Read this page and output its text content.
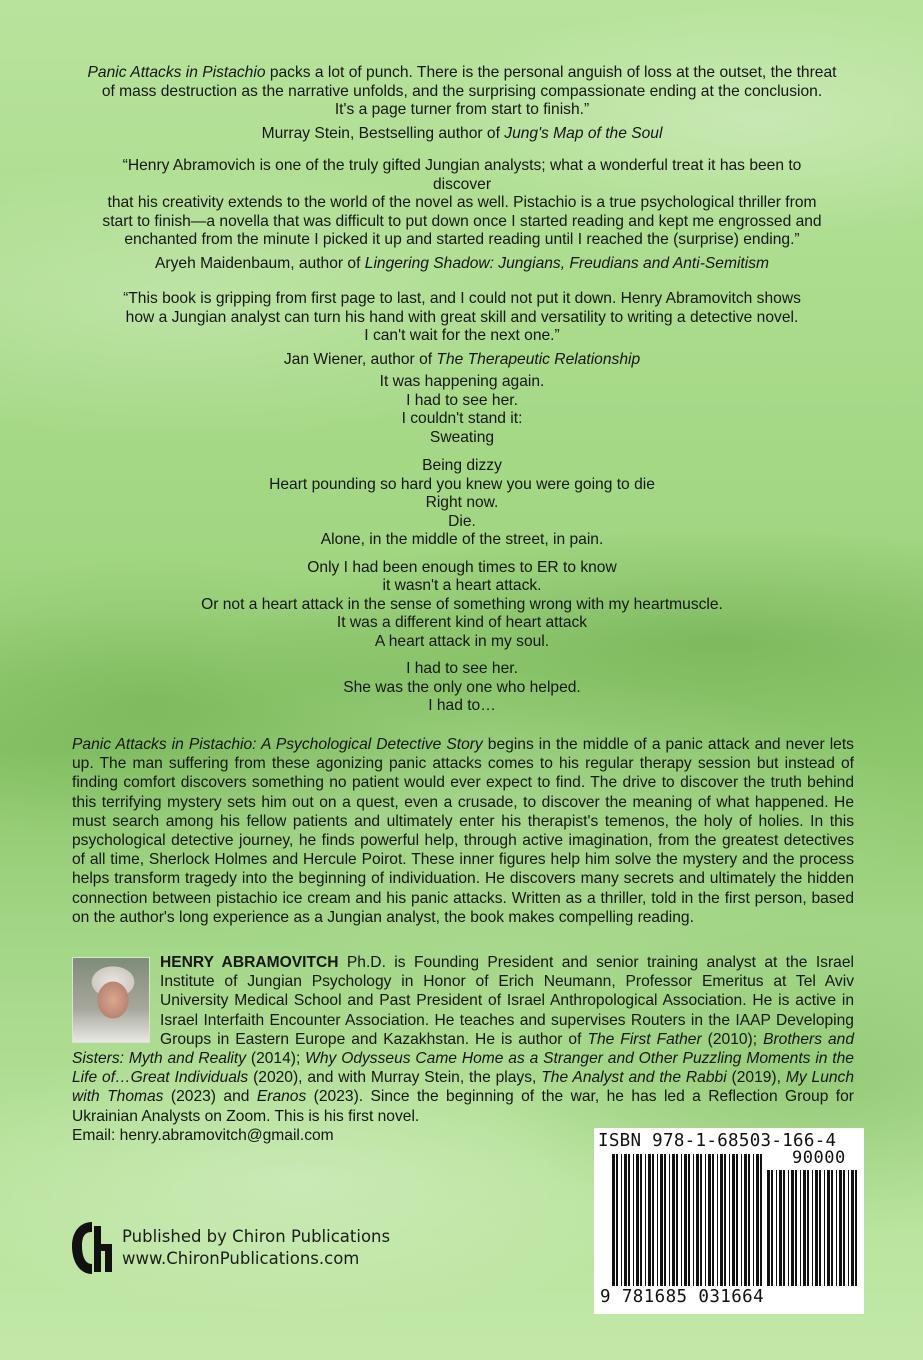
Panic Attacks in Pistachio packs a lot of punch. There is the personal anguish of loss at the outset, the threat
of mass destruction as the narrative unfolds, and the surprising compassionate ending at the conclusion.
It's a page turner from start to finish.”
Murray Stein, Bestselling author of Jung's Map of the Soul
“Henry Abramovich is one of the truly gifted Jungian analysts; what a wonderful treat it has been to
discover
that his creativity extends to the world of the novel as well. Pistachio is a true psychological thriller from
start to finish—a novella that was difficult to put down once I started reading and kept me engrossed and
enchanted from the minute I picked it up and started reading until I reached the (surprise) ending.”
Aryeh Maidenbaum, author of Lingering Shadow: Jungians, Freudians and Anti-Semitism
“This book is gripping from first page to last, and I could not put it down. Henry Abramovitch shows
how a Jungian analyst can turn his hand with great skill and versatility to writing a detective novel.
I can't wait for the next one.”
Jan Wiener, author of The Therapeutic Relationship
It was happening again.
I had to see her.
I couldn't stand it:
Sweating
Being dizzy
Heart pounding so hard you knew you were going to die
Right now.
Die.
Alone, in the middle of the street, in pain.
Only I had been enough times to ER to know
it wasn't a heart attack.
Or not a heart attack in the sense of something wrong with my heartmuscle.
It was a different kind of heart attack
A heart attack in my soul.
I had to see her.
She was the only one who helped.
I had to…
Panic Attacks in Pistachio: A Psychological Detective Story begins in the middle of a panic attack and never lets up. The man suffering from these agonizing panic attacks comes to his regular therapy session but instead of finding comfort discovers something no patient would ever expect to find. The drive to discover the truth behind this terrifying mystery sets him out on a quest, even a crusade, to discover the meaning of what happened. He must search among his fellow patients and ultimately enter his therapist's temenos, the holy of holies. In this psychological detective journey, he finds powerful help, through active imagination, from the greatest detectives of all time, Sherlock Holmes and Hercule Poirot. These inner figures help him solve the mystery and the process helps transform tragedy into the beginning of individuation. He discovers many secrets and ultimately the hidden connection between pistachio ice cream and his panic attacks. Written as a thriller, told in the first person, based on the author's long experience as a Jungian analyst, the book makes compelling reading.
HENRY ABRAMOVITCH Ph.D. is Founding President and senior training analyst at the Israel Institute of Jungian Psychology in Honor of Erich Neumann, Professor Emeritus at Tel Aviv University Medical School and Past President of Israel Anthropological Association. He is active in Israel Interfaith Encounter Association. He teaches and supervises Routers in the IAAP Developing Groups in Eastern Europe and Kazakhstan. He is author of The First Father (2010); Brothers and Sisters: Myth and Reality (2014); Why Odysseus Came Home as a Stranger and Other Puzzling Moments in the Life of…Great Individuals (2020), and with Murray Stein, the plays, The Analyst and the Rabbi (2019), My Lunch with Thomas (2023) and Eranos (2023). Since the beginning of the war, he has led a Reflection Group for Ukrainian Analysts on Zoom. This is his first novel.
Email: henry.abramovitch@gmail.com
Published by Chiron Publications
www.ChironPublications.com
ISBN 978-1-68503-166-4
90000
9 781685 031664
